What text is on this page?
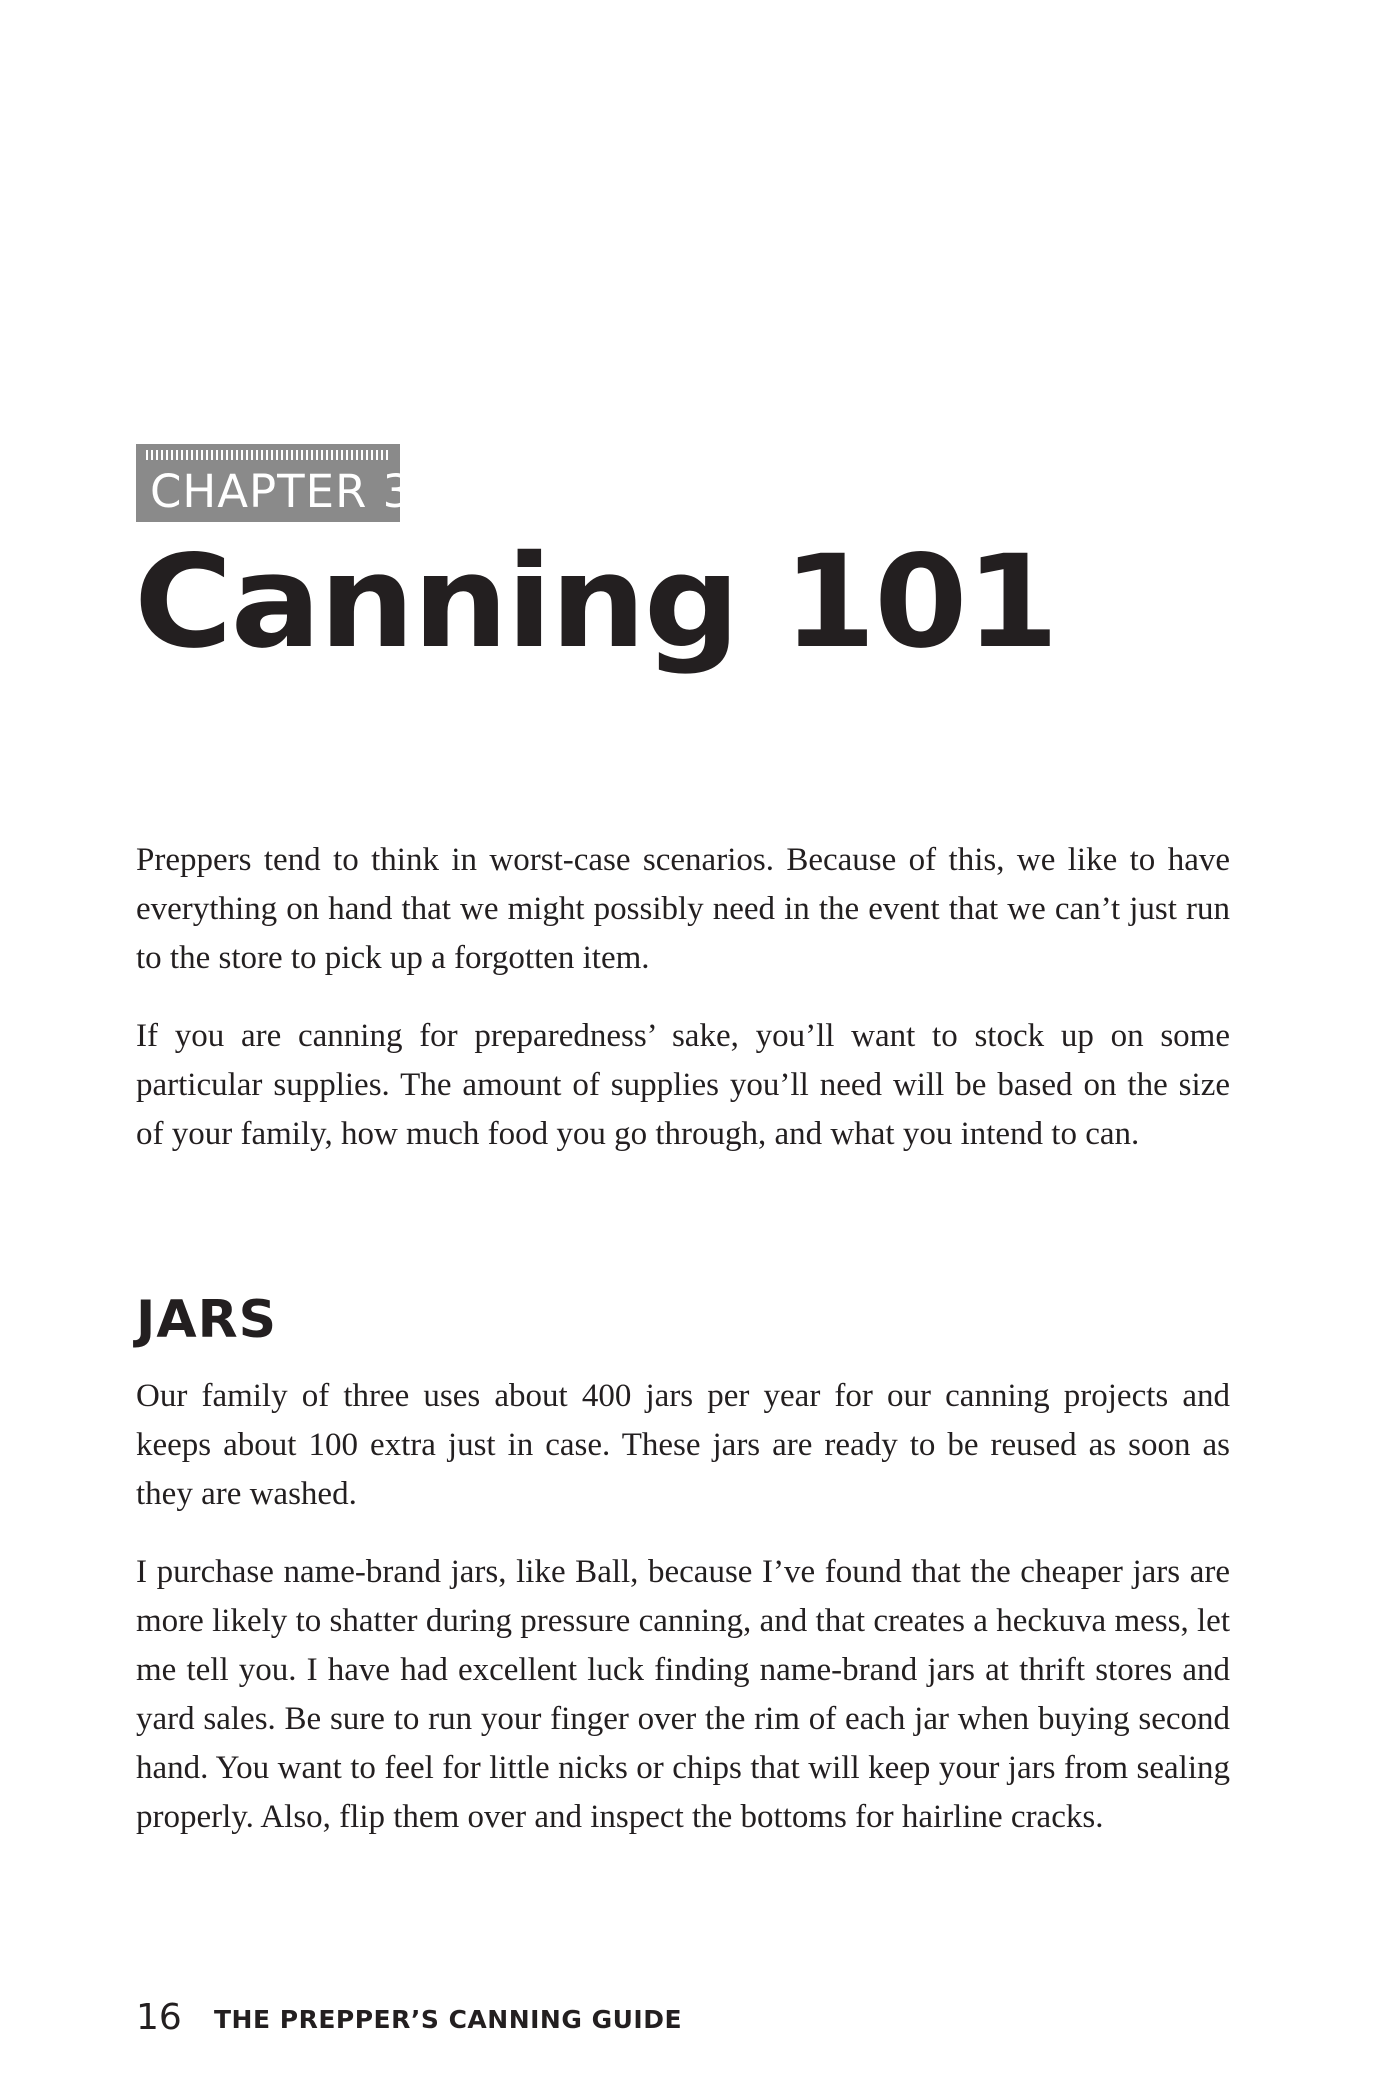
CHAPTER 3
Canning 101

Preppers tend to think in worst-case scenarios. Because of this, we like to have everything on hand that we might possibly need in the event that we can’t just run to the store to pick up a forgotten item.

If you are canning for preparedness’ sake, you’ll want to stock up on some particular supplies. The amount of supplies you’ll need will be based on the size of your family, how much food you go through, and what you intend to can.

JARS

Our family of three uses about 400 jars per year for our canning projects and keeps about 100 extra just in case. These jars are ready to be reused as soon as they are washed.

I purchase name-brand jars, like Ball, because I’ve found that the cheaper jars are more likely to shatter during pressure canning, and that creates a heckuva mess, let me tell you. I have had excellent luck finding name-brand jars at thrift stores and yard sales. Be sure to run your finger over the rim of each jar when buying second hand. You want to feel for little nicks or chips that will keep your jars from sealing properly. Also, flip them over and inspect the bottoms for hairline cracks.

16 THE PREPPER’S CANNING GUIDE
